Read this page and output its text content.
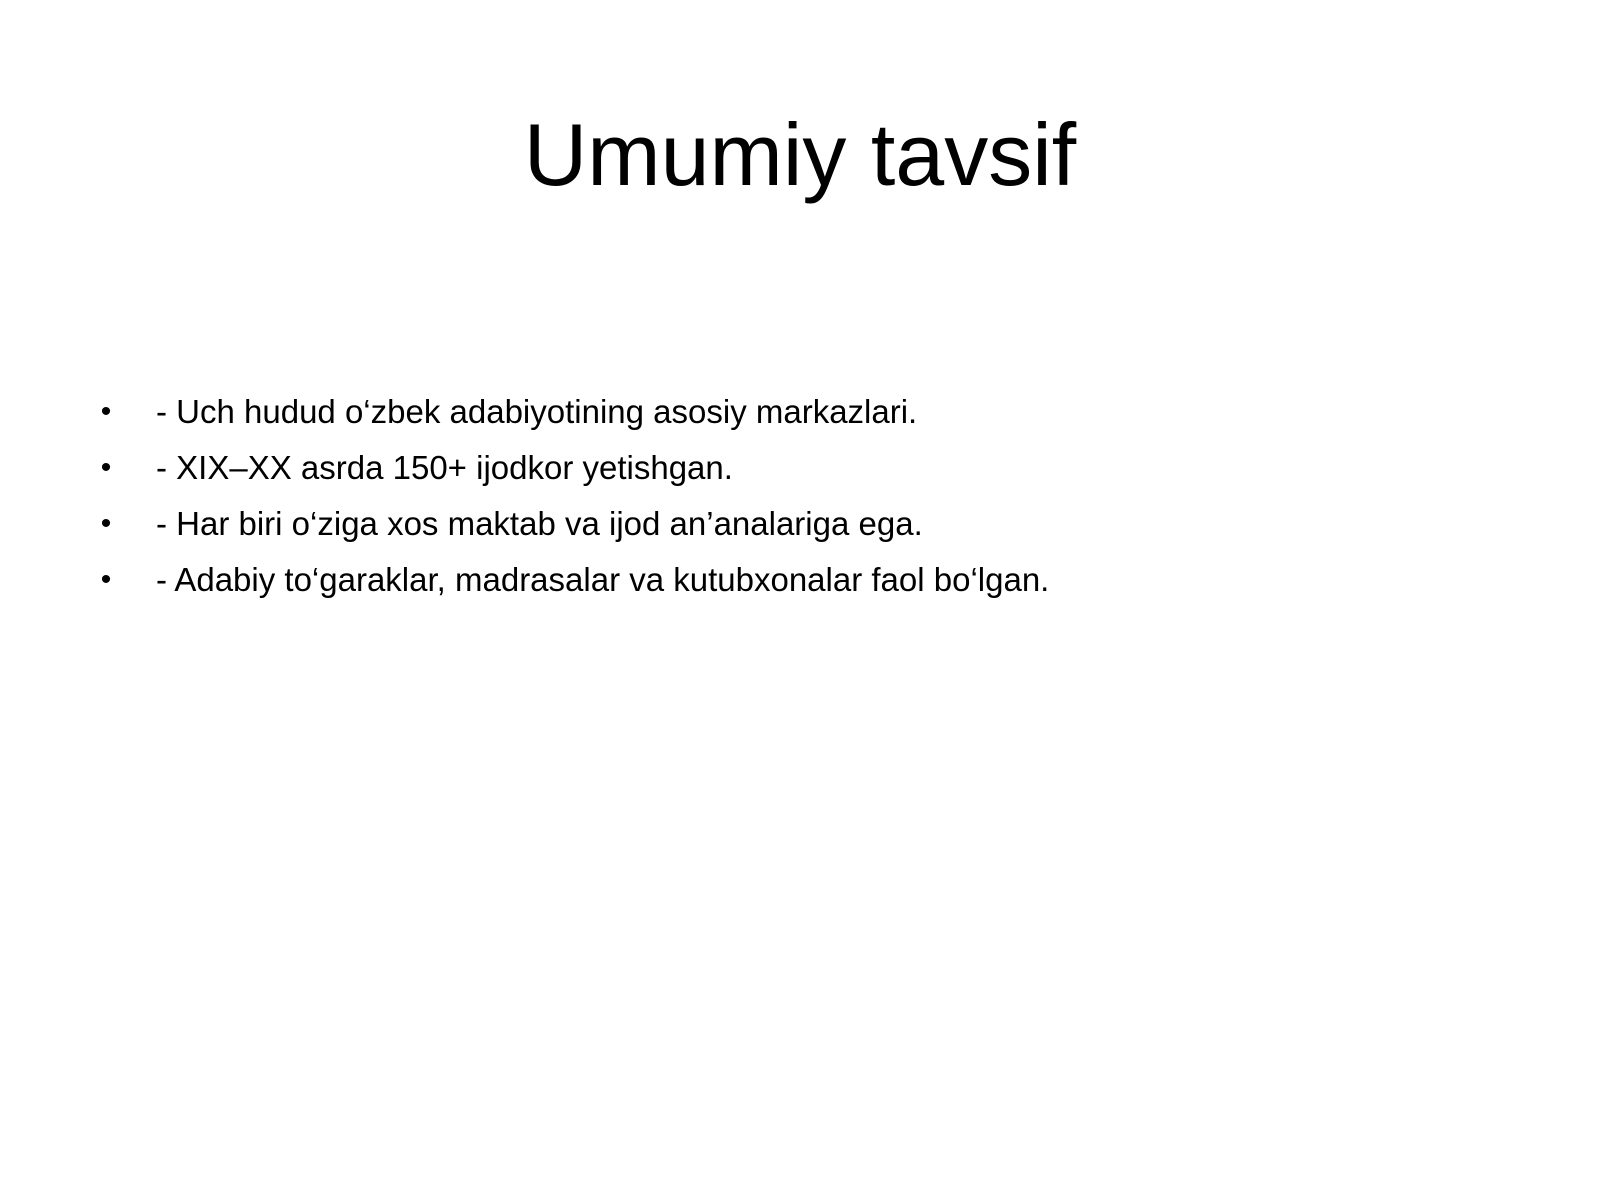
Umumiy tavsif
• - Uch hudud o‘zbek adabiyotining asosiy markazlari.
• - XIX–XX asrda 150+ ijodkor yetishgan.
• - Har biri o‘ziga xos maktab va ijod an’analariga ega.
• - Adabiy to‘garaklar, madrasalar va kutubxonalar faol bo‘lgan.
